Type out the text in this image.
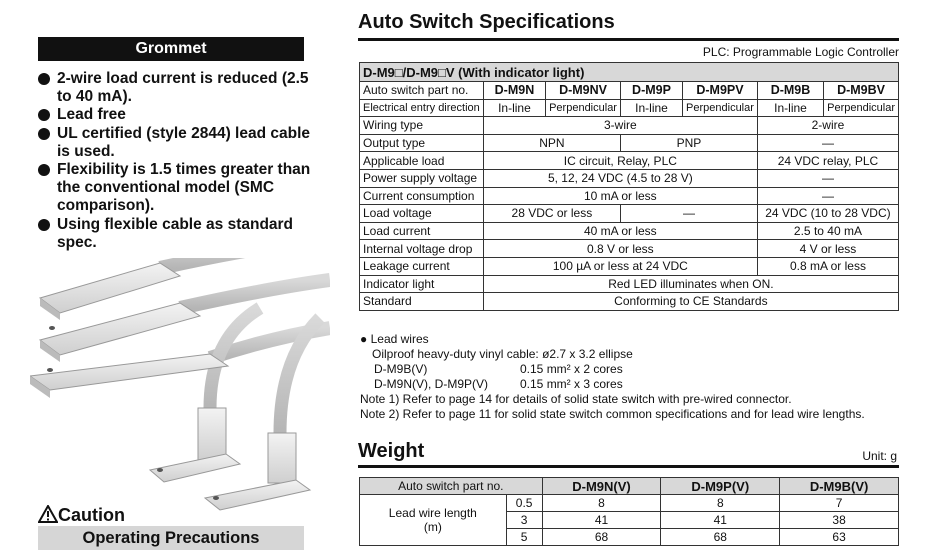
Grommet
2-wire load current is reduced (2.5 to 40 mA).
Lead free
UL certified (style 2844) lead cable is used.
Flexibility is 1.5 times greater than the conventional model (SMC comparison).
Using flexible cable as standard spec.
Caution
Operating Precautions
Auto Switch Specifications
PLC: Programmable Logic Controller
D-M9□/D-M9□V (With indicator light)						
Auto switch part no.	D-M9N	D-M9NV	D-M9P	D-M9PV	D-M9B	D-M9BV
Electrical entry direction	In-line	Perpendicular	In-line	Perpendicular	In-line	Perpendicular
Wiring type	3-wire				2-wire	
Output type	NPN		PNP		—	
Applicable load	IC circuit, Relay, PLC				24 VDC relay, PLC	
Power supply voltage	5, 12, 24 VDC (4.5 to 28 V)				—	
Current consumption	10 mA or less				—	
Load voltage	28 VDC or less		—		24 VDC (10 to 28 VDC)	
Load current	40 mA or less				2.5 to 40 mA	
Internal voltage drop	0.8 V or less				4 V or less	
Leakage current	100 µA or less at 24 VDC				0.8 mA or less	
Indicator light	Red LED illuminates when ON.					
Standard	Conforming to CE Standards					
● Lead wires
Oilproof heavy-duty vinyl cable: ø2.7 x 3.2 ellipse
D-M9B(V)	0.15 mm² x 2 cores
D-M9N(V), D-M9P(V)	0.15 mm² x 3 cores
Note 1) Refer to page 14 for details of solid state switch with pre-wired connector.
Note 2) Refer to page 11 for solid state switch common specifications and for lead wire lengths.
Weight	Unit: g
Auto switch part no.		D-M9N(V)	D-M9P(V)	D-M9B(V)
Lead wire length
(m)	0.5	8	8	7
	3	41	41	38
	5	68	68	63
